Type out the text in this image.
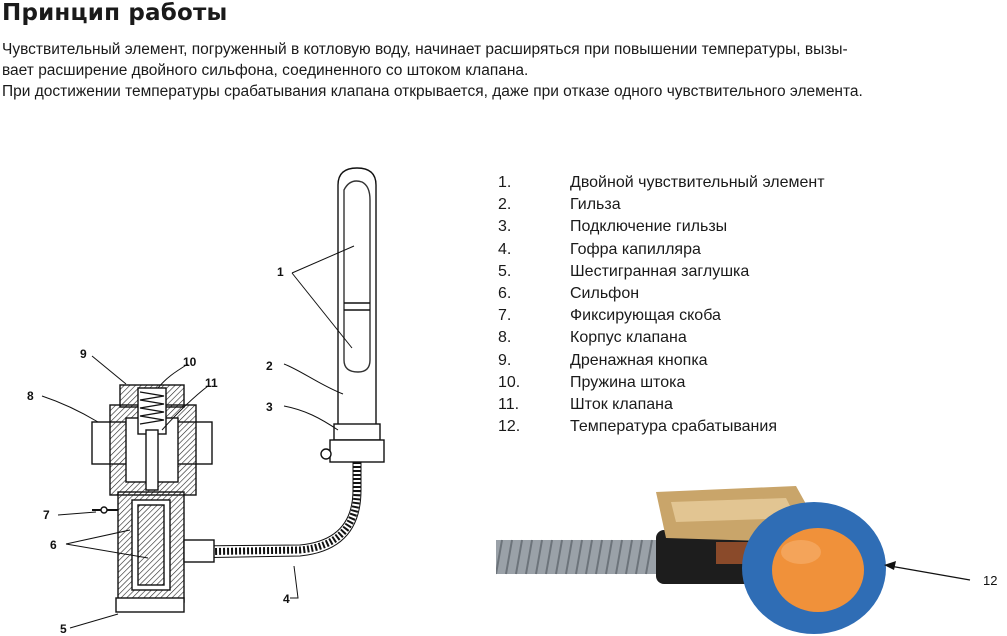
Принцип работы

Чувствительный элемент, погруженный в котловую воду, начинает расширяться при повышении температуры, вызы-

вает расширение двойного сильфона, соединенного со штоком клапана.

При достижении температуры срабатывания клапана открывается, даже при отказе одного чувствительного элемента.

1
2
3
4
5
6
7
8
9
10
11
1.	Двойной чувствительный элемент
2.	Гильза
3.	Подключение гильзы
4.	Гофра капилляра
5.	Шестигранная заглушка
6.	Сильфон
7.	Фиксирующая скоба
8.	Корпус клапана
9.	Дренажная кнопка
10.	Пружина штока
11.	Шток клапана
12.	Температура срабатывания
12
